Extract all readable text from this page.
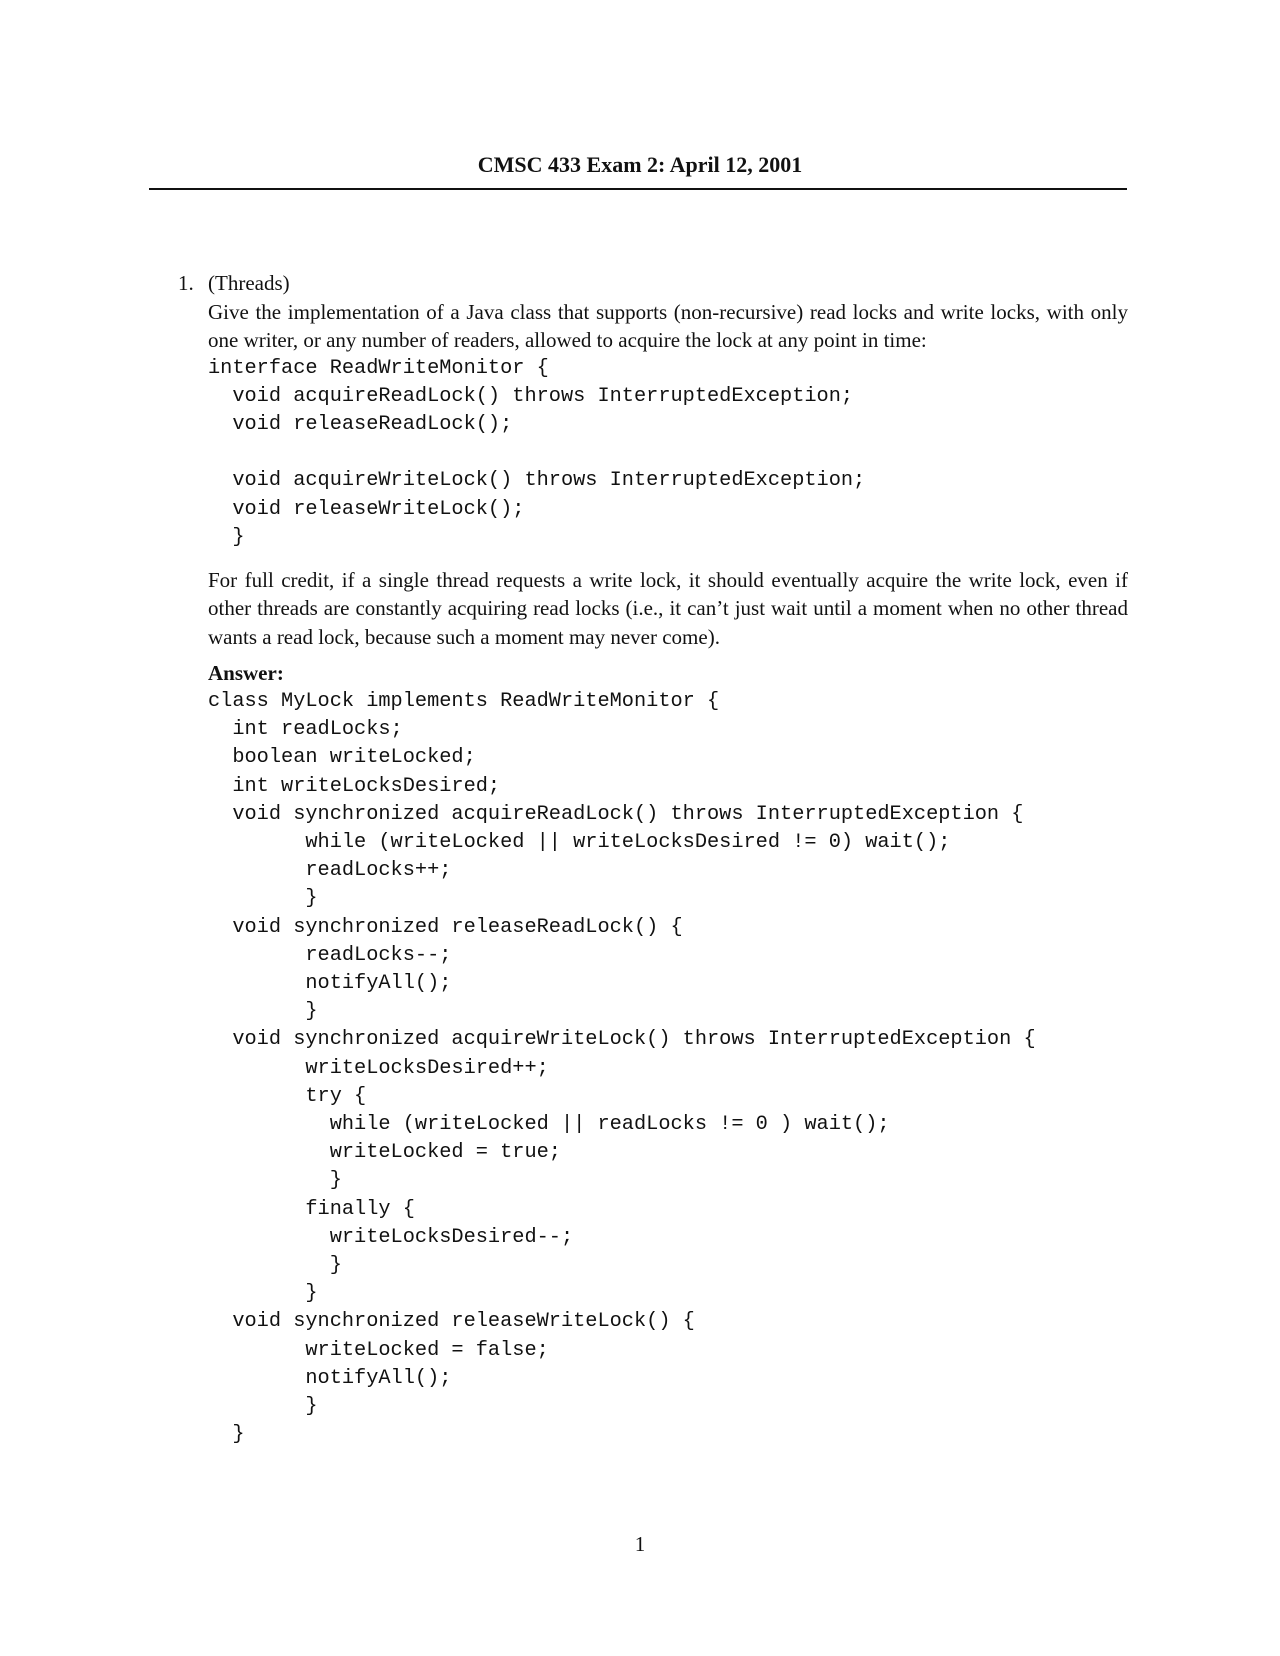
CMSC 433 Exam 2: April 12, 2001
1. (Threads)

Give the implementation of a Java class that supports (non-recursive) read locks and write locks, with only one writer, or any number of readers, allowed to acquire the lock at any point in time:

interface ReadWriteMonitor {
void acquireReadLock() throws InterruptedException;
void releaseReadLock();

void acquireWriteLock() throws InterruptedException;
void releaseWriteLock();
}

For full credit, if a single thread requests a write lock, it should eventually acquire the write lock, even if other threads are constantly acquiring read locks (i.e., it can’t just wait until a moment when no other thread wants a read lock, because such a moment may never come).

Answer:
class MyLock implements ReadWriteMonitor {
int readLocks;
boolean writeLocked;
int writeLocksDesired;
void synchronized acquireReadLock() throws InterruptedException {
while (writeLocked || writeLocksDesired != 0) wait();
readLocks++;
}
void synchronized releaseReadLock() {
readLocks--;
notifyAll();
}
void synchronized acquireWriteLock() throws InterruptedException {
writeLocksDesired++;
try {
while (writeLocked || readLocks != 0 ) wait();
writeLocked = true;
}
finally {
writeLocksDesired--;
}
}
void synchronized releaseWriteLock() {
writeLocked = false;
notifyAll();
}
}
1
